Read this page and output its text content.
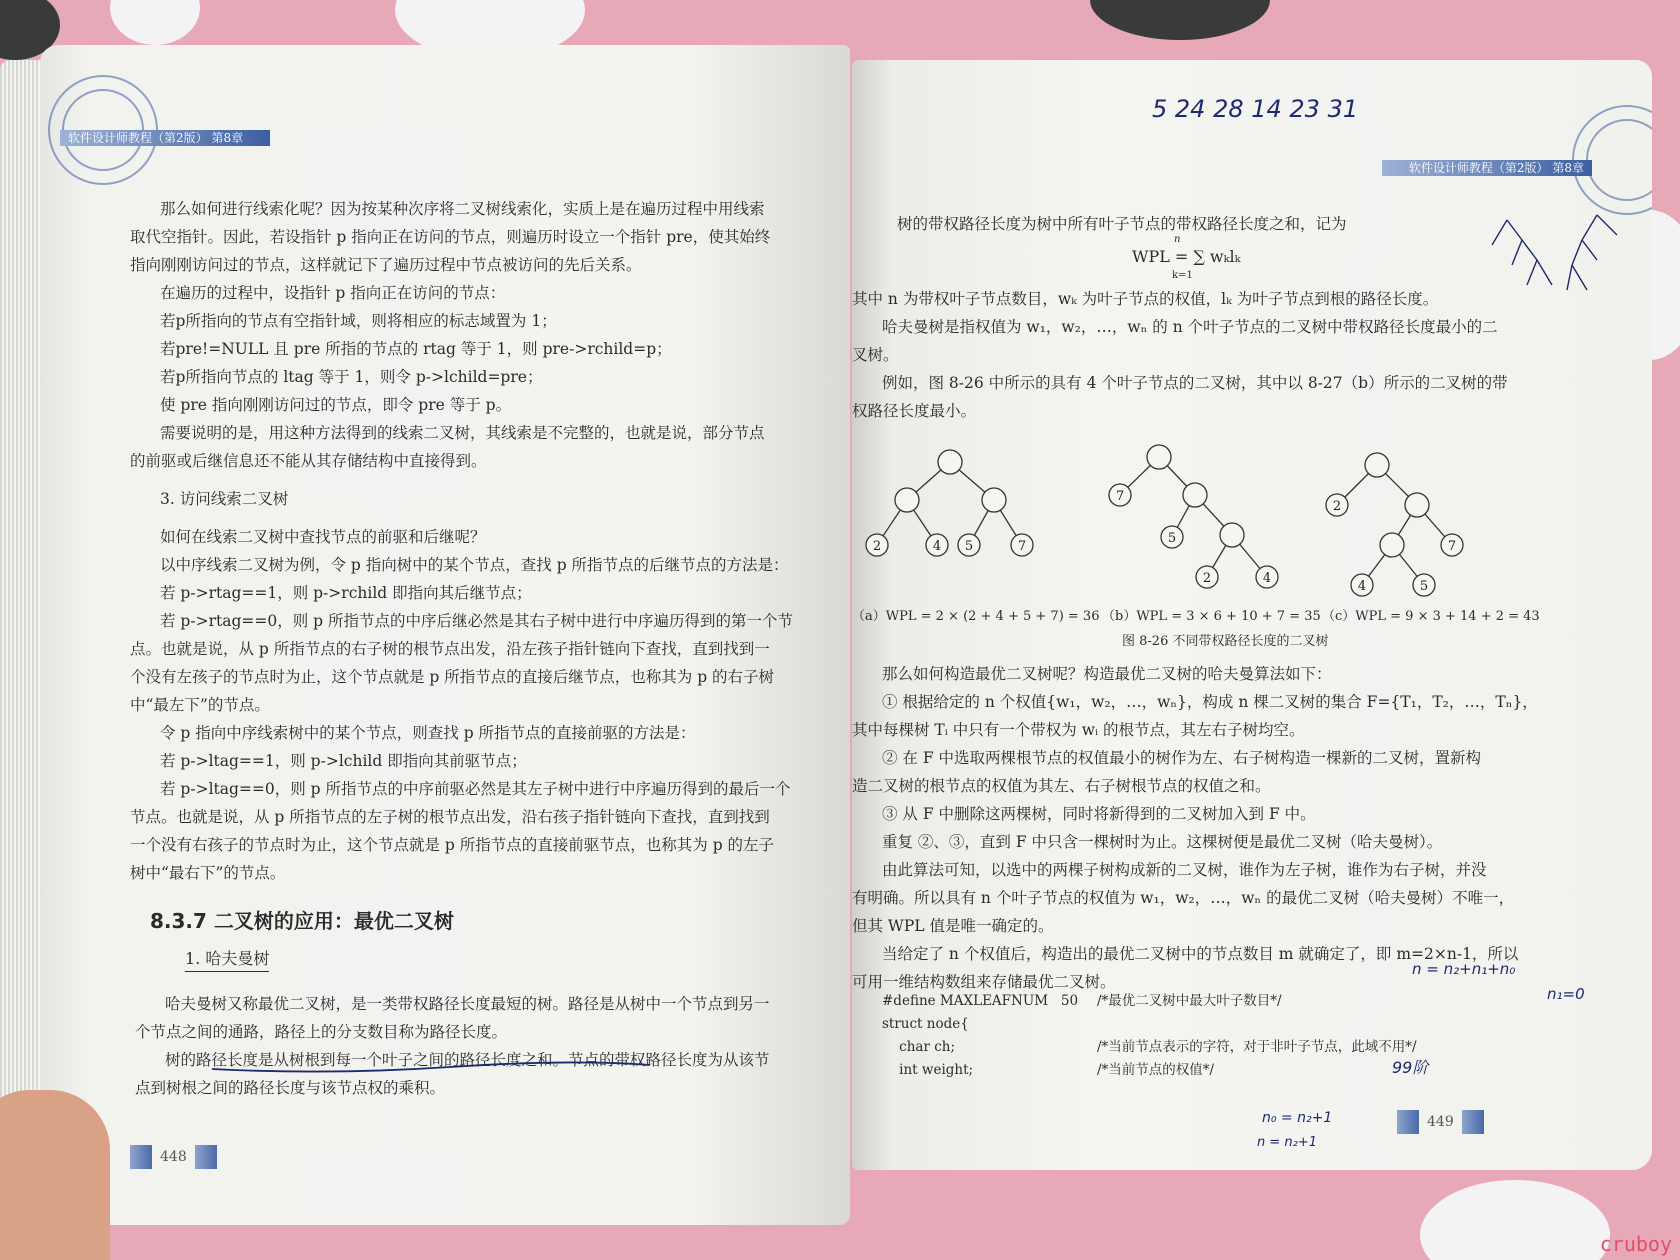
软件设计师教程（第2版） 第8章

那么如何进行线索化呢？因为按某种次序将二叉树线索化，实质上是在遍历过程中用线索

取代空指针。因此，若设指针 p 指向正在访问的节点，则遍历时设立一个指针 pre，使其始终

指向刚刚访问过的节点，这样就记下了遍历过程中节点被访问的先后关系。

在遍历的过程中，设指针 p 指向正在访问的节点：

若p所指向的节点有空指针域，则将相应的标志域置为 1；

若pre!=NULL 且 pre 所指的节点的 rtag 等于 1，则 pre->rchild=p；

若p所指向节点的 ltag 等于 1，则令 p->lchild=pre；

使 pre 指向刚刚访问过的节点，即令 pre 等于 p。

需要说明的是，用这种方法得到的线索二叉树，其线索是不完整的，也就是说，部分节点

的前驱或后继信息还不能从其存储结构中直接得到。

3. 访问线索二叉树

如何在线索二叉树中查找节点的前驱和后继呢？

以中序线索二叉树为例，令 p 指向树中的某个节点，查找 p 所指节点的后继节点的方法是：

若 p->rtag==1，则 p->rchild 即指向其后继节点；

若 p->rtag==0，则 p 所指节点的中序后继必然是其右子树中进行中序遍历得到的第一个节

点。也就是说，从 p 所指节点的右子树的根节点出发，沿左孩子指针链向下查找，直到找到一

个没有左孩子的节点时为止，这个节点就是 p 所指节点的直接后继节点，也称其为 p 的右子树

中“最左下”的节点。

令 p 指向中序线索树中的某个节点，则查找 p 所指节点的直接前驱的方法是：

若 p->ltag==1，则 p->lchild 即指向其前驱节点；

若 p->ltag==0，则 p 所指节点的中序前驱必然是其左子树中进行中序遍历得到的最后一个

节点。也就是说，从 p 所指节点的左子树的根节点出发，沿右孩子指针链向下查找，直到找到

一个没有右孩子的节点时为止，这个节点就是 p 所指节点的直接前驱节点，也称其为 p 的左子

树中“最右下”的节点。

8.3.7 二叉树的应用：最优二叉树

1. 哈夫曼树

哈夫曼树又称最优二叉树，是一类带权路径长度最短的树。路径是从树中一个节点到另一

个节点之间的通路，路径上的分支数目称为路径长度。

树的路径长度是从树根到每一个叶子之间的路径长度之和。节点的带权路径长度为从该节

点到树根之间的路径长度与该节点权的乘积。

448
5 24 28 14 23 31
软件设计师教程（第2版） 第8章

树的带权路径长度为树中所有叶子节点的带权路径长度之和，记为

n
WPL = ∑ wₖlₖ
k=1

其中 n 为带权叶子节点数目，wₖ 为叶子节点的权值，lₖ 为叶子节点到根的路径长度。

哈夫曼树是指权值为 w₁，w₂，…，wₙ 的 n 个叶子节点的二叉树中带权路径长度最小的二

叉树。

例如，图 8-26 中所示的具有 4 个叶子节点的二叉树，其中以 8-27（b）所示的二叉树的带

权路径长度最小。

2	4 5	7
7
5
2	4
2
7
4	5
（a）WPL = 2 × (2 + 4 + 5 + 7) = 36 （b）WPL = 3 × 6 + 10 + 7 = 35 （c）WPL = 9 × 3 + 14 + 2 = 43
图 8-26 不同带权路径长度的二叉树

那么如何构造最优二叉树呢？构造最优二叉树的哈夫曼算法如下：

① 根据给定的 n 个权值{w₁，w₂，…，wₙ}，构成 n 棵二叉树的集合 F={T₁，T₂，…，Tₙ}，

其中每棵树 Tᵢ 中只有一个带权为 wᵢ 的根节点，其左右子树均空。

② 在 F 中选取两棵根节点的权值最小的树作为左、右子树构造一棵新的二叉树，置新构

造二叉树的根节点的权值为其左、右子树根节点的权值之和。

③ 从 F 中删除这两棵树，同时将新得到的二叉树加入到 F 中。

重复 ②、③，直到 F 中只含一棵树时为止。这棵树便是最优二叉树（哈夫曼树）。

由此算法可知，以选中的两棵子树构成新的二叉树，谁作为左子树，谁作为右子树，并没

有明确。所以具有 n 个叶子节点的权值为 w₁，w₂，…，wₙ 的最优二叉树（哈夫曼树）不唯一，

但其 WPL 值是唯一确定的。

当给定了 n 个权值后，构造出的最优二叉树中的节点数目 m 就确定了，即 m=2×n-1，所以

可用一维结构数组来存储最优二叉树。

#define MAXLEAFNUM   50 /*最优二叉树中最大叶子数目*/

struct node{

char ch;	/*当前节点表示的字符，对于非叶子节点，此域不用*/

int weight;	/*当前节点的权值*/

n = n₂+n₁+n₀
n₁=0
99阶
n₀ = n₂+1
n = n₂+1
449
cruboy
